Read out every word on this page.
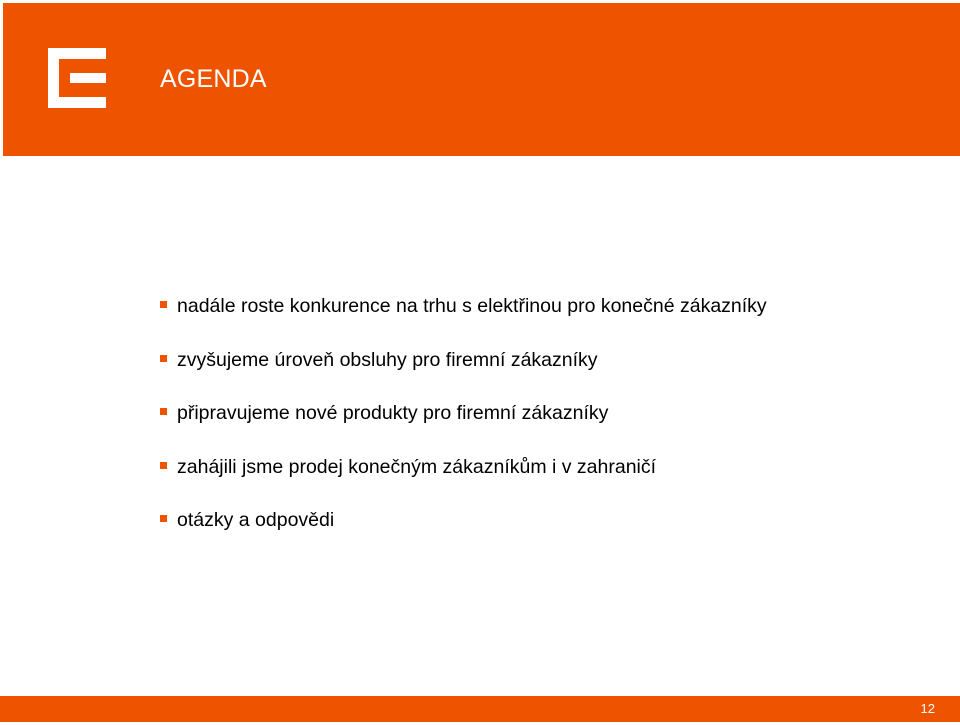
AGENDA
nadále roste konkurence na trhu s elektřinou pro konečné zákazníky
zvyšujeme úroveň obsluhy pro firemní zákazníky
připravujeme nové produkty pro firemní zákazníky
zahájili jsme prodej konečným zákazníkům i v zahraničí
otázky a odpovědi
12
